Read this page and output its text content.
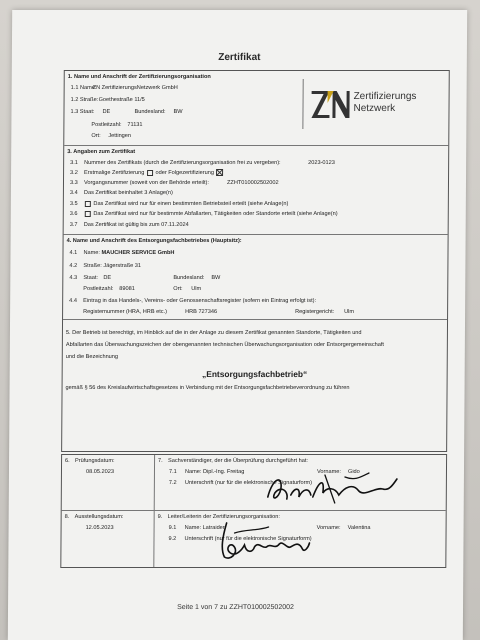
Zertifikat
1. Name und Anschrift der Zertifizierungsorganisation
1.1 Name:
ZN ZertifizierungsNetzwerk GmbH
1.2 Straße: Goethestraße 11/5
1.3 Staat: DE	Bundesland: BW
Postleitzahl: 71131
Ort: Jettingen
Zertifizierungs
Netzwerk
3. Angaben zum Zertifikat
3.1 Nummer des Zertifikats (durch die Zertifizierungsorganisation frei zu vergeben):	2023-0123
3.2 Erstmalige Zertifizierung oder Folgezertifizierung
3.3 Vorgangsnummer (soweit von der Behörde erteilt):	ZZHT010002502002
3.4 Das Zertifikat beinhaltet 3 Anlage(n)
3.5	Das Zertifikat wird nur für einen bestimmten Betriebsteil erteilt (siehe Anlage(n)
3.6	Das Zertifikat wird nur für bestimmte Abfallarten, Tätigkeiten oder Standorte erteilt (siehe Anlage(n)
3.7 Das Zertifikat ist gültig bis zum 07.11.2024
4. Name und Anschrift des Entsorgungsfachbetriebes (Hauptsitz):
4.1 Name: MAUCHER SERVICE GmbH
4.2 Straße: Jägerstraße 31
4.3 Staat: DE	Bundesland: BW
Postleitzahl: 89081	Ort: Ulm
4.4 Eintrag in das Handels-, Vereins- oder Genossenschaftsregister (sofern ein Eintrag erfolgt ist):
Registernummer (HRA, HRB etc.)	HRB 727346	Registergericht: Ulm
5. Der Betrieb ist berechtigt, im Hinblick auf die in der Anlage zu diesem Zertifikat genannten Standorte, Tätigkeiten und
Abfallarten das Überwachungszeichen der obengenannten technischen Überwachungsorganisation oder Entsorgergemeinschaft
und die Bezeichnung
„Entsorgungsfachbetrieb“
gemäß § 56 des Kreislaufwirtschaftsgesetzes in Verbindung mit der Entsorgungsfachbetriebeverordnung zu führen
6. Prüfungsdatum:
08.05.2023
7. Sachverständiger, der die Überprüfung durchgeführt hat:
7.1 Name: Dipl.-Ing. Freitag	Vorname: Gido
7.2 Unterschrift (nur für die elektronische Signaturform)
8. Ausstellungsdatum:
12.05.2023
9. Leiter/Leiterin der Zertifizierungsorganisation:
9.1 Name: Latraider	Vorname: Valentina
9.2 Unterschrift (nur für die elektronische Signaturform)
Seite 1 von 7 zu ZZHT010002502002
